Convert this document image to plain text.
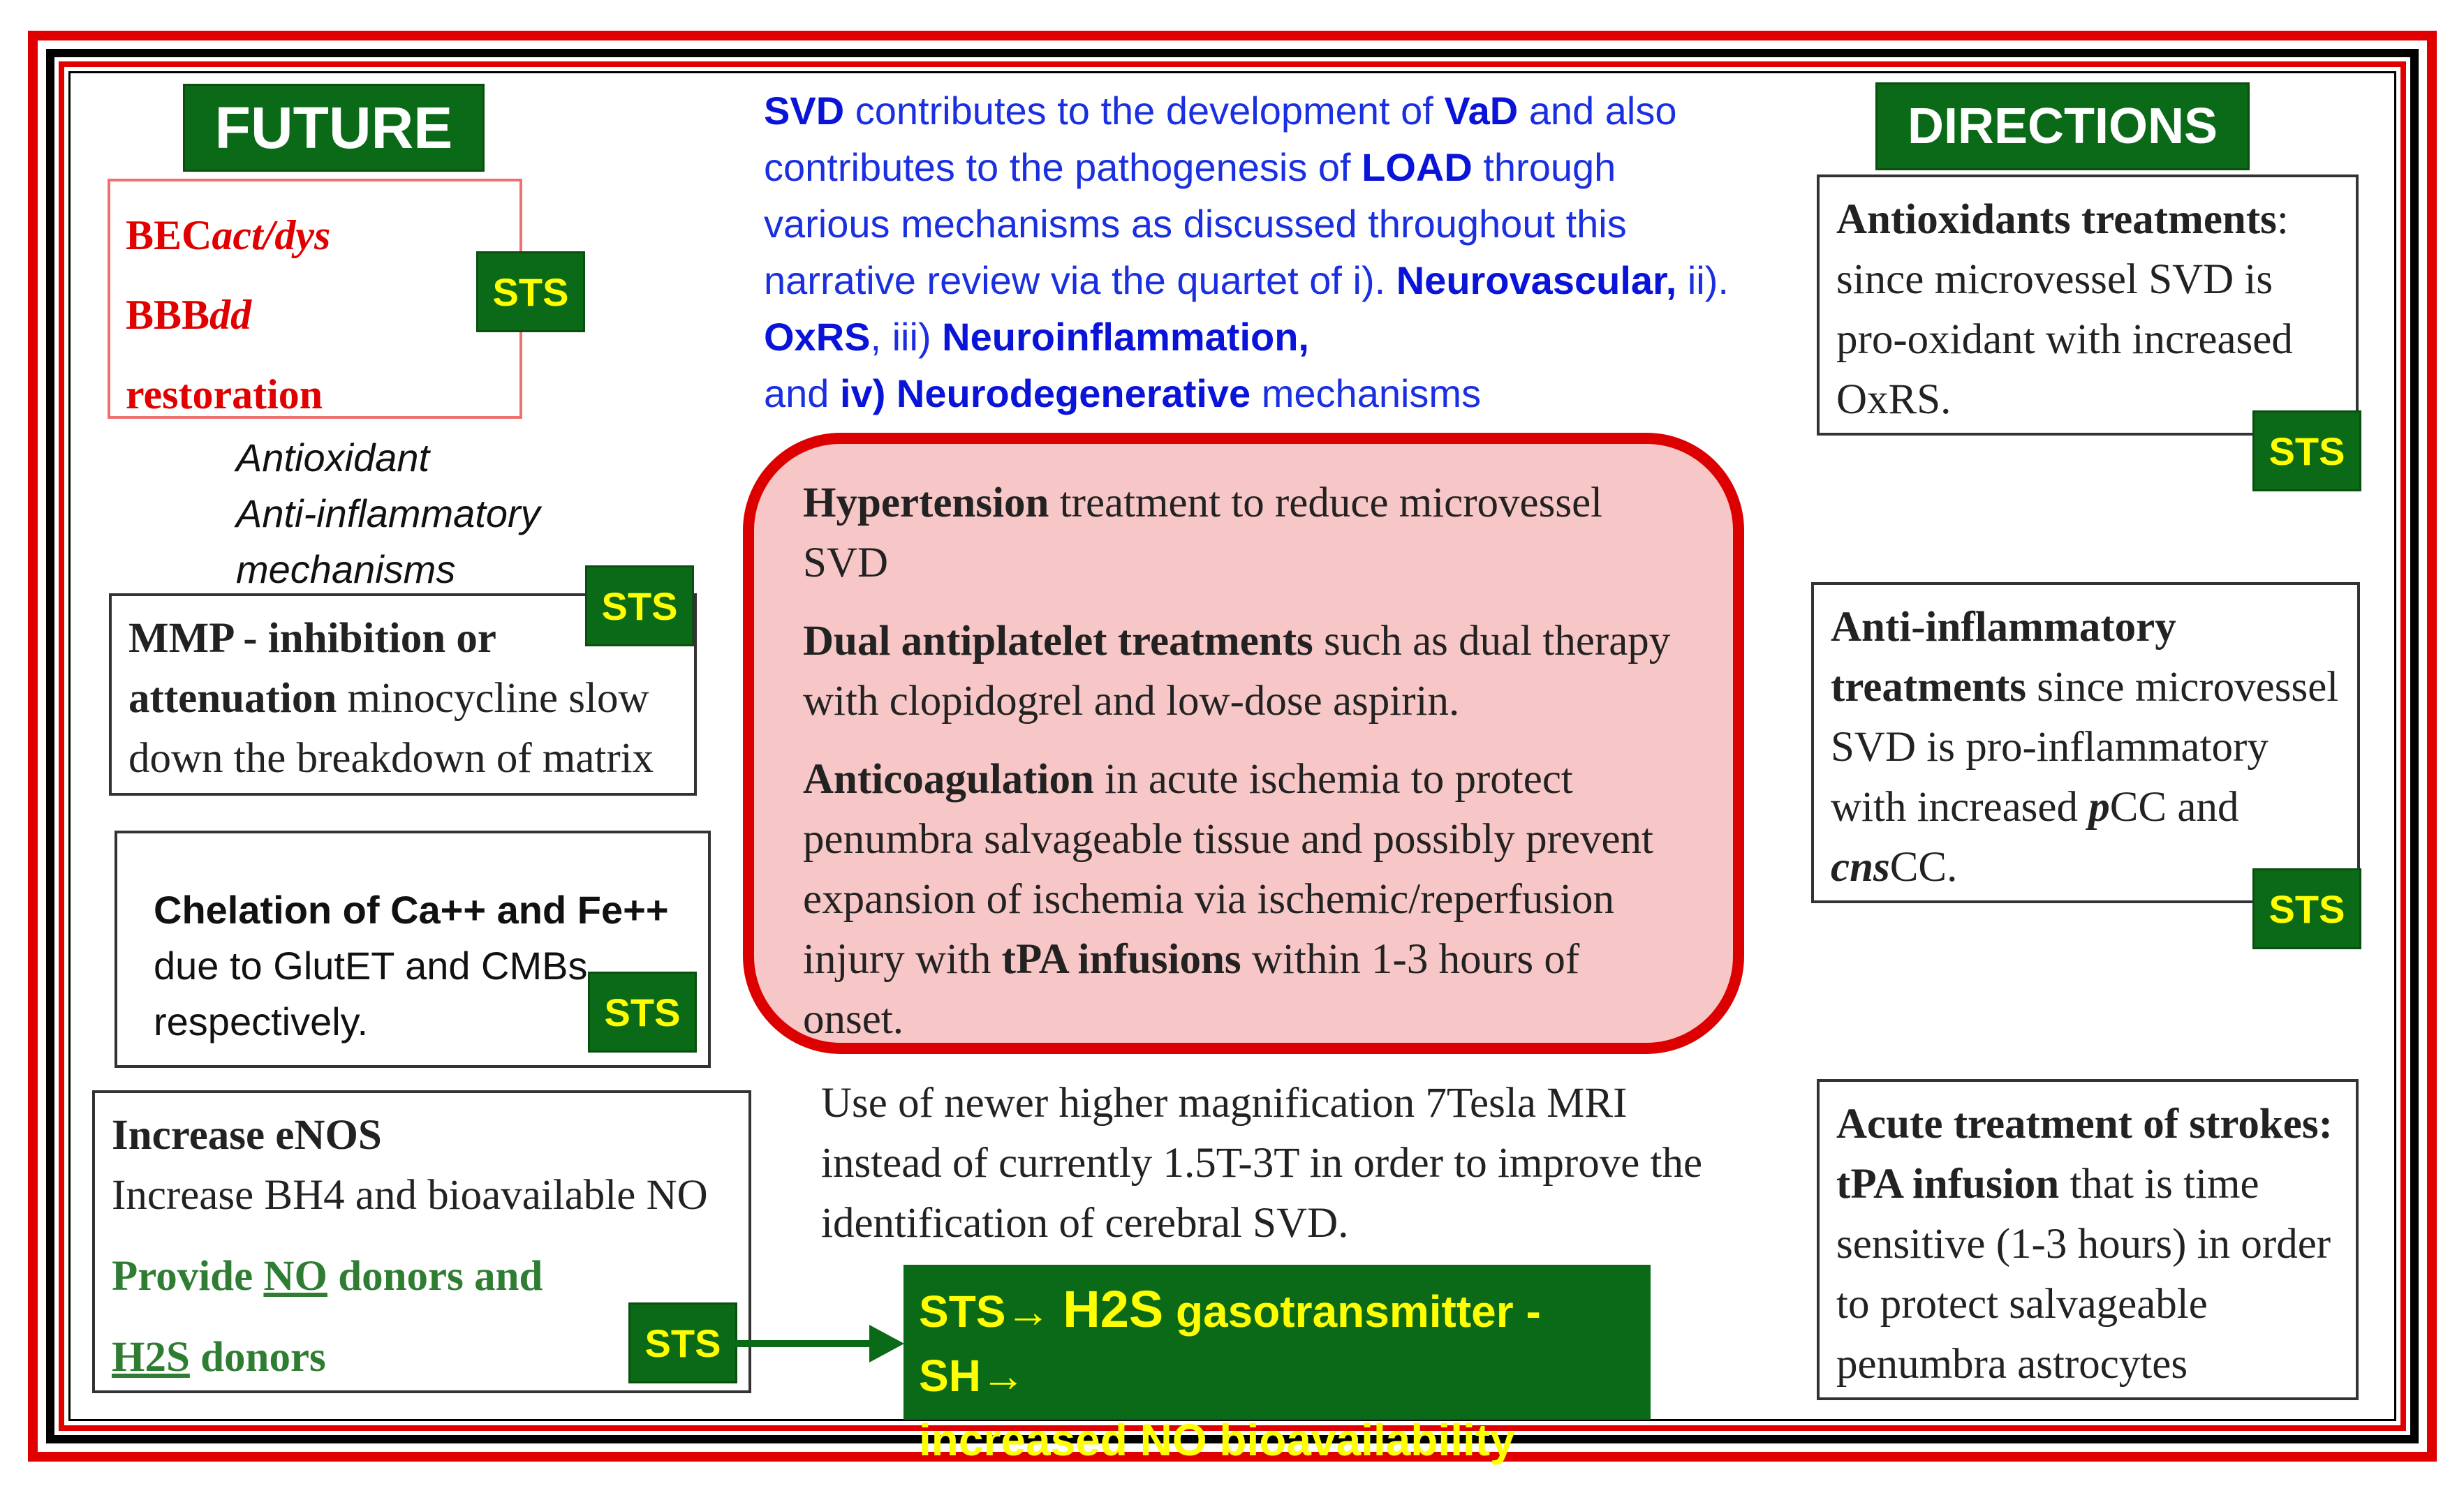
FUTURE	DIRECTIONS

BECact/dys

BBBdd

restoration

STS

Antioxidant

Anti-inflammatory

mechanisms

MMP - inhibition or attenuation minocycline slow down the breakdown of matrix

STS

Chelation of Ca++ and Fe++

due to GlutET and CMBs respectively.	STS

Increase eNOS

Increase BH4 and bioavailable NO

Provide NO donors and

H2S donors	STS
SVD contributes to the development of VaD and also contributes to the pathogenesis of LOAD through various mechanisms as discussed throughout this narrative review via the quartet of i). Neurovascular, ii). OxRS, iii) Neuroinflammation,
and iv) Neurodegenerative mechanisms

Hypertension treatment to reduce microvessel SVD

Dual antiplatelet treatments such as dual therapy with clopidogrel and low-dose aspirin.

Anticoagulation in acute ischemia to protect penumbra salvageable tissue and possibly prevent expansion of ischemia via ischemic/reperfusion injury with tPA infusions within 1-3 hours of onset.

Use of newer higher magnification 7Tesla MRI instead of currently 1.5T-3T in order to improve the identification of cerebral SVD.

STS→ H2S gasotransmitter - SH→

increased NO bioavailability

Antioxidants treatments: since microvessel SVD is pro-oxidant with increased OxRS.

STS

Anti-inflammatory treatments since microvessel SVD is pro-inflammatory with increased pCC and cnsCC.

STS

Acute treatment of strokes: tPA infusion that is time sensitive (1-3 hours) in order to protect salvageable penumbra astrocytes
